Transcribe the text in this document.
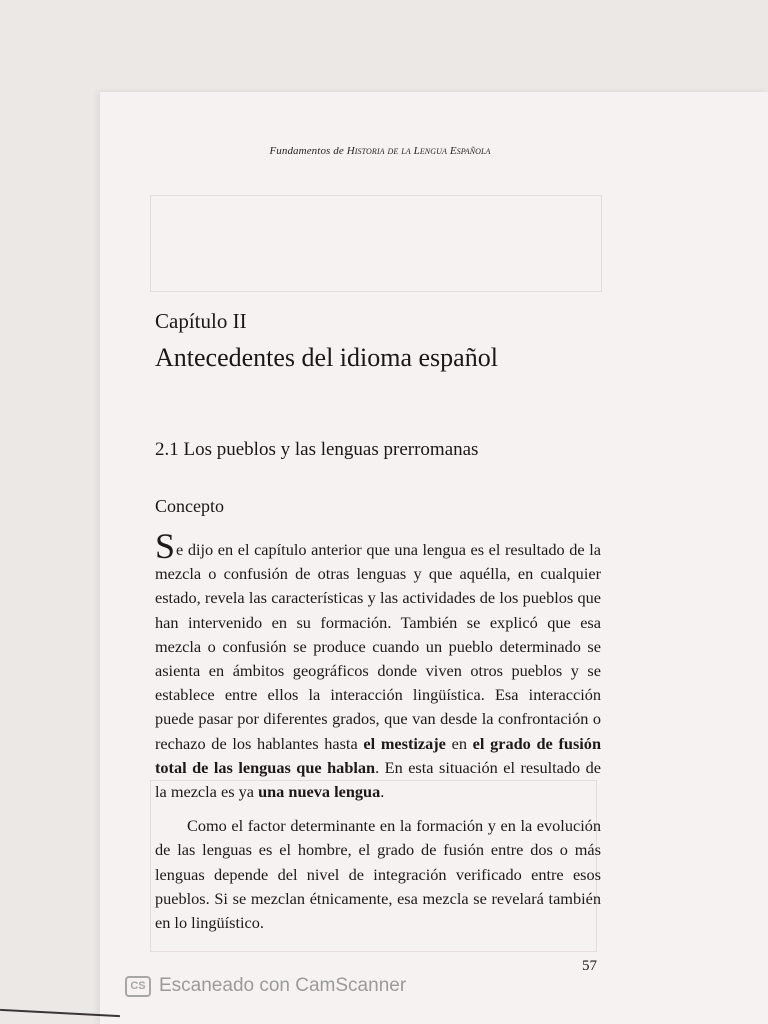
Fundamentos de Historia de la Lengua Española
Capítulo II
Antecedentes del idioma español
2.1 Los pueblos y las lenguas prerromanas
Concepto

Se dijo en el capítulo anterior que una lengua es el resultado de la mezcla o confusión de otras lenguas y que aquélla, en cualquier estado, revela las características y las actividades de los pueblos que han intervenido en su formación. También se explicó que esa mezcla o confusión se produce cuando un pueblo determinado se asienta en ámbitos geográficos donde viven otros pueblos y se establece entre ellos la interacción lingüística. Esa interacción puede pasar por diferentes grados, que van desde la confrontación o rechazo de los hablantes hasta el mestizaje en el grado de fusión total de las lenguas que hablan. En esta situación el resultado de la mezcla es ya una nueva lengua.

Como el factor determinante en la formación y en la evolución de las lenguas es el hombre, el grado de fusión entre dos o más lenguas depende del nivel de integración verificado entre esos pueblos. Si se mezclan étnicamente, esa mezcla se revelará también en lo lingüístico.

57
CS Escaneado con CamScanner
